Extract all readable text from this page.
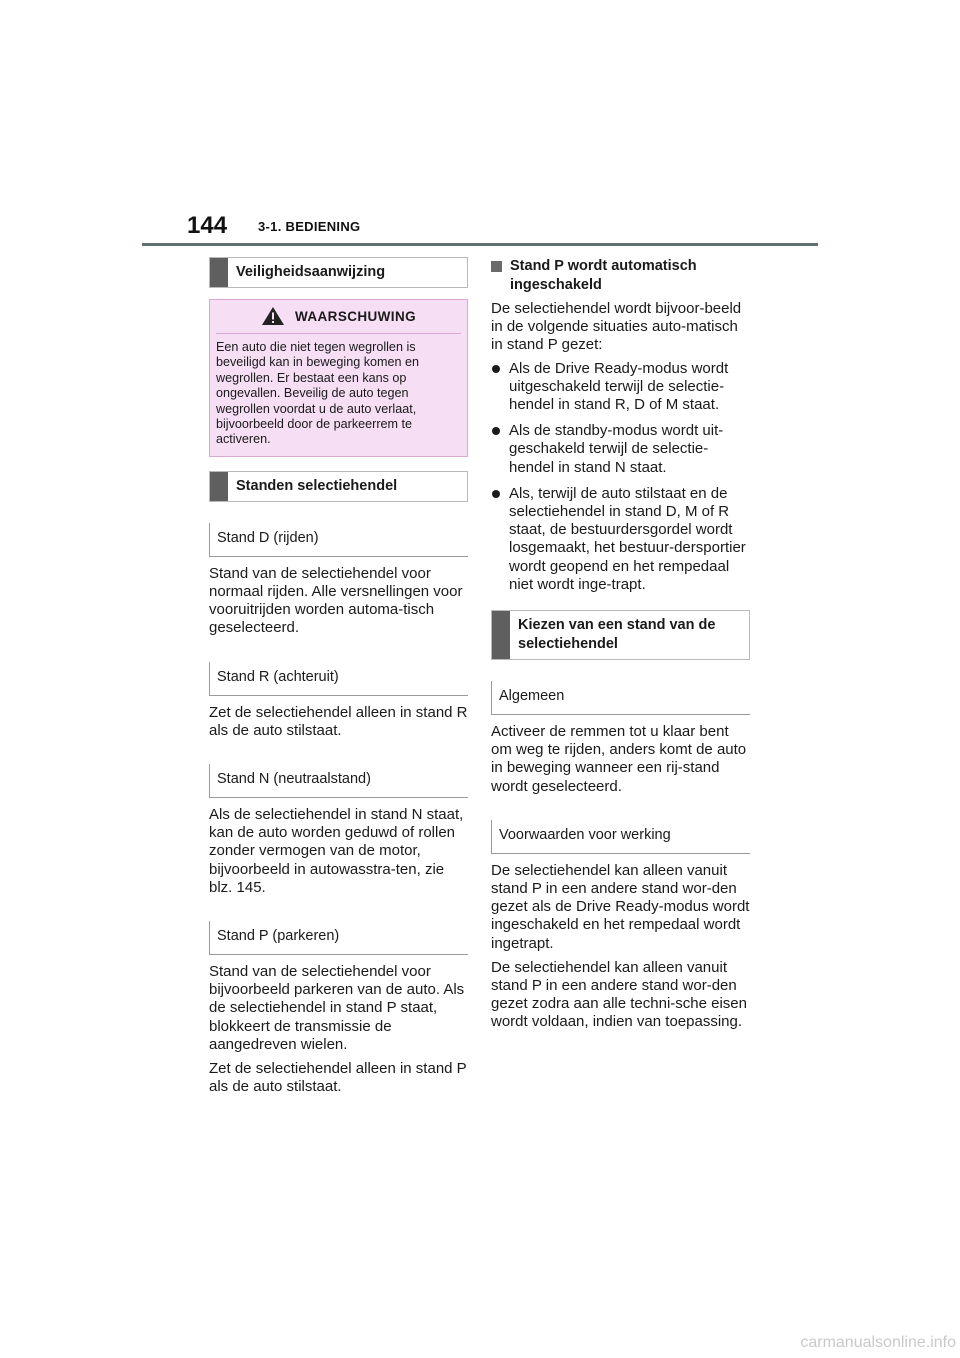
144 3-1. BEDIENING
Veiligheidsaanwijzing
WAARSCHUWING
Een auto die niet tegen wegrollen is beveiligd kan in beweging komen en wegrollen. Er bestaat een kans op ongevallen. Beveilig de auto tegen wegrollen voordat u de auto verlaat, bijvoorbeeld door de parkeerrem te activeren.
Standen selectiehendel
Stand D (rijden)

Stand van de selectiehendel voor normaal rijden. Alle versnellingen voor vooruitrijden worden automa-tisch geselecteerd.

Stand R (achteruit)

Zet de selectiehendel alleen in stand R als de auto stilstaat.

Stand N (neutraalstand)

Als de selectiehendel in stand N staat, kan de auto worden geduwd of rollen zonder vermogen van de motor, bijvoorbeeld in autowasstra-ten, zie blz. 145.

Stand P (parkeren)

Stand van de selectiehendel voor bijvoorbeeld parkeren van de auto. Als de selectiehendel in stand P staat, blokkeert de transmissie de aangedreven wielen.

Zet de selectiehendel alleen in stand P als de auto stilstaat.

Stand P wordt automatisch ingeschakeld

De selectiehendel wordt bijvoor-beeld in de volgende situaties auto-matisch in stand P gezet:

Als de Drive Ready-modus wordt uitgeschakeld terwijl de selectie-hendel in stand R, D of M staat.
Als de standby-modus wordt uit-geschakeld terwijl de selectie-hendel in stand N staat.
Als, terwijl de auto stilstaat en de selectiehendel in stand D, M of R staat, de bestuurdersgordel wordt losgemaakt, het bestuur-dersportier wordt geopend en het rempedaal niet wordt inge-trapt.
Kiezen van een stand van de selectiehendel
Algemeen

Activeer de remmen tot u klaar bent om weg te rijden, anders komt de auto in beweging wanneer een rij-stand wordt geselecteerd.

Voorwaarden voor werking

De selectiehendel kan alleen vanuit stand P in een andere stand wor-den gezet als de Drive Ready-modus wordt ingeschakeld en het rempedaal wordt ingetrapt.

De selectiehendel kan alleen vanuit stand P in een andere stand wor-den gezet zodra aan alle techni-sche eisen wordt voldaan, indien van toepassing.

carmanualsonline.info
